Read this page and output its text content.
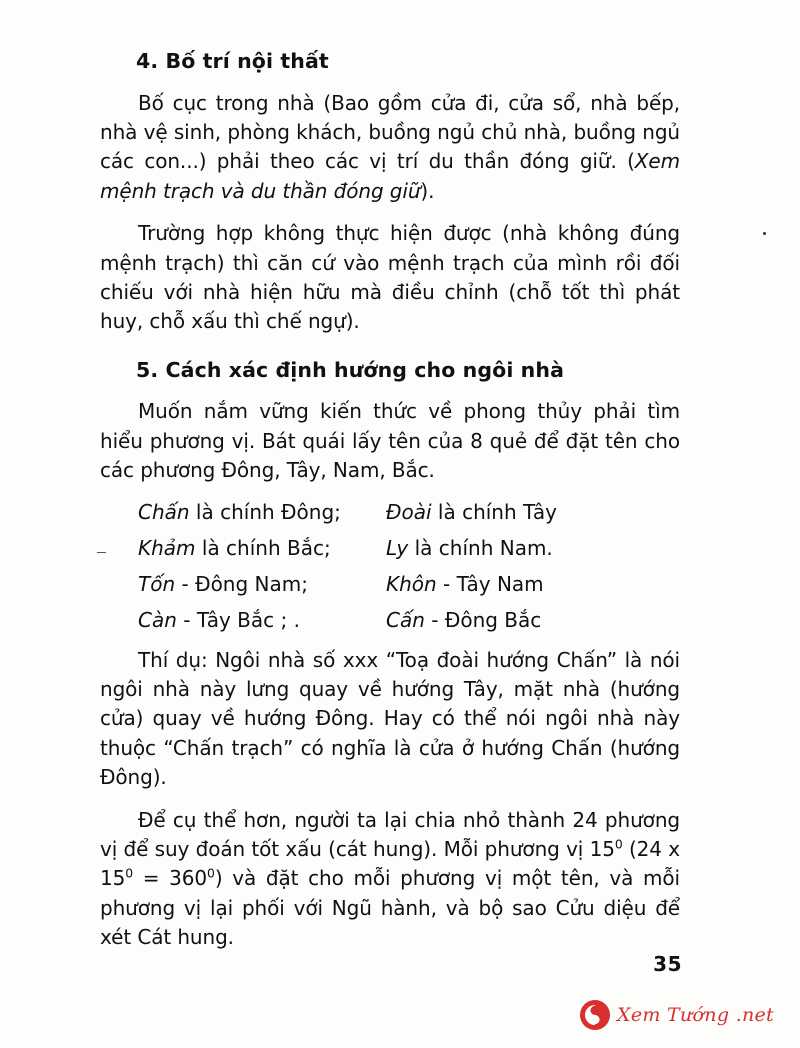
4. Bố trí nội thất

Bố cục trong nhà (Bao gồm cửa đi, cửa sổ, nhà bếp, nhà vệ sinh, phòng khách, buồng ngủ chủ nhà, buồng ngủ các con...) phải theo các vị trí du thần đóng giữ. (Xem mệnh trạch và du thần đóng giữ).

Trường hợp không thực hiện được (nhà không đúng mệnh trạch) thì căn cứ vào mệnh trạch của mình rồi đối chiếu với nhà hiện hữu mà điều chỉnh (chỗ tốt thì phát huy, chỗ xấu thì chế ngự).

5. Cách xác định hướng cho ngôi nhà

Muốn nắm vững kiến thức về phong thủy phải tìm hiểu phương vị. Bát quái lấy tên của 8 quẻ để đặt tên cho các phương Đông, Tây, Nam, Bắc.

Chấn là chính Đông;	Đoài là chính Tây
Khảm là chính Bắc;	Ly là chính Nam.
Tốn - Đông Nam;	Khôn - Tây Nam
Càn - Tây Bắc ; .	Cấn - Đông Bắc

Thí dụ: Ngôi nhà số xxx “Toạ đoài hướng Chấn” là nói ngôi nhà này lưng quay về hướng Tây, mặt nhà (hướng cửa) quay về hướng Đông. Hay có thể nói ngôi nhà này thuộc “Chấn trạch” có nghĩa là cửa ở hướng Chấn (hướng Đông).

Để cụ thể hơn, người ta lại chia nhỏ thành 24 phương vị để suy đoán tốt xấu (cát hung). Mỗi phương vị $15^0$ (24 x $15^0 = 360^0$) và đặt cho mỗi phương vị một tên, và mỗi phương vị lại phối với Ngũ hành, và bộ sao Cửu diệu để xét Cát hung.

35
Xem Tướng .net
